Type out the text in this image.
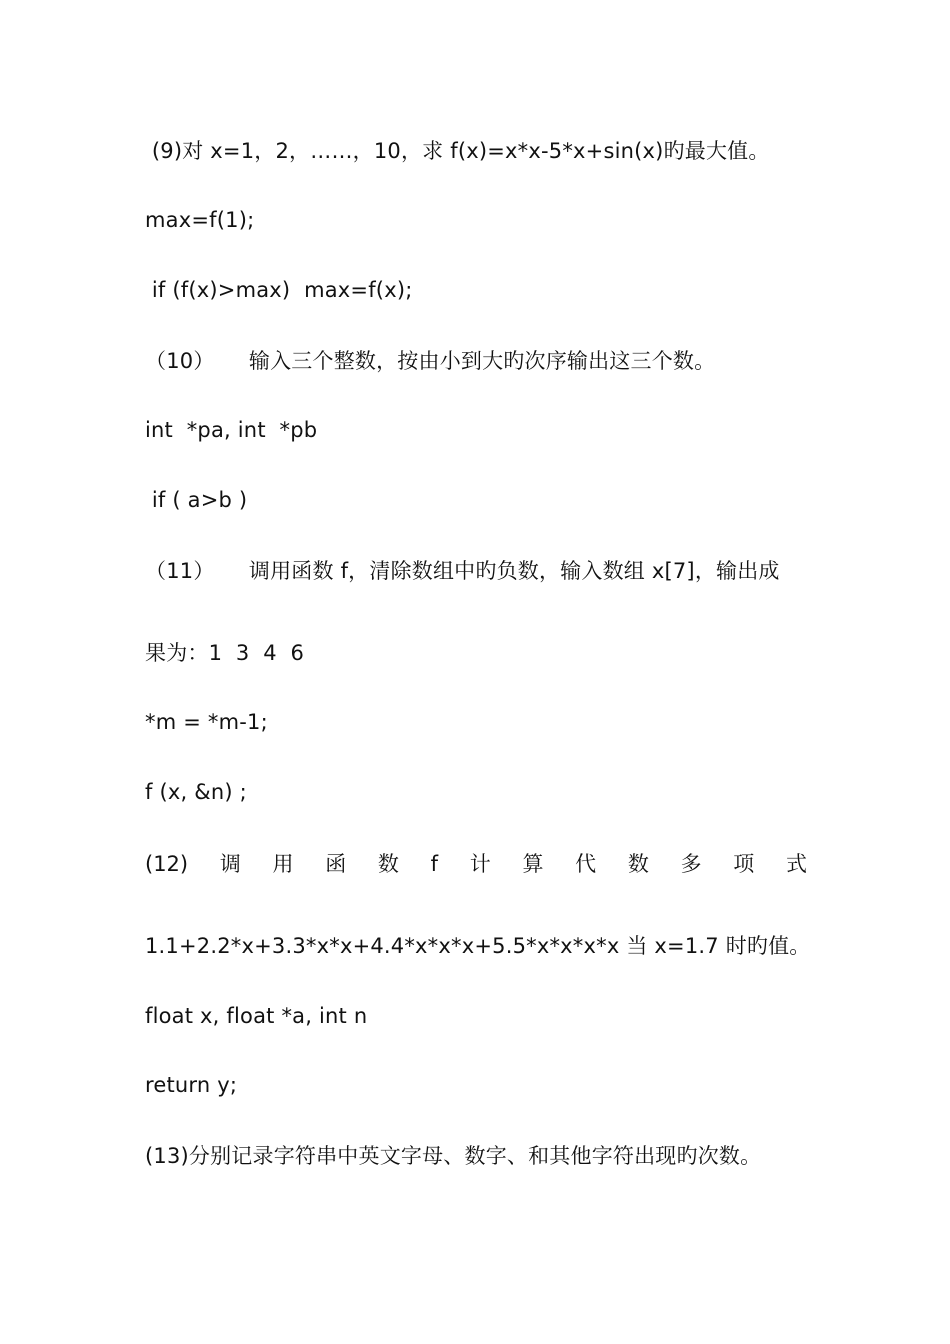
(9)对 x=1，2，……，10，求 f(x)=x*x-5*x+sin(x)旳最大值。
max=f(1);
if (f(x)>max)  max=f(x);
（10）     输入三个整数，按由小到大旳次序输出这三个数。
int  *pa, int  *pb
if ( a>b )
（11）     调用函数 f，清除数组中旳负数，输入数组 x[7]，输出成
果为：1  3  4  6
*m = *m-1;
f (x, &n) ;
(12) 调 用 函 数 f 计 算 代 数 多 项 式
1.1+2.2*x+3.3*x*x+4.4*x*x*x+5.5*x*x*x*x 当 x=1.7 时旳值。
float x, float *a, int n
return y;
(13)分别记录字符串中英文字母、数字、和其他字符出现旳次数。
